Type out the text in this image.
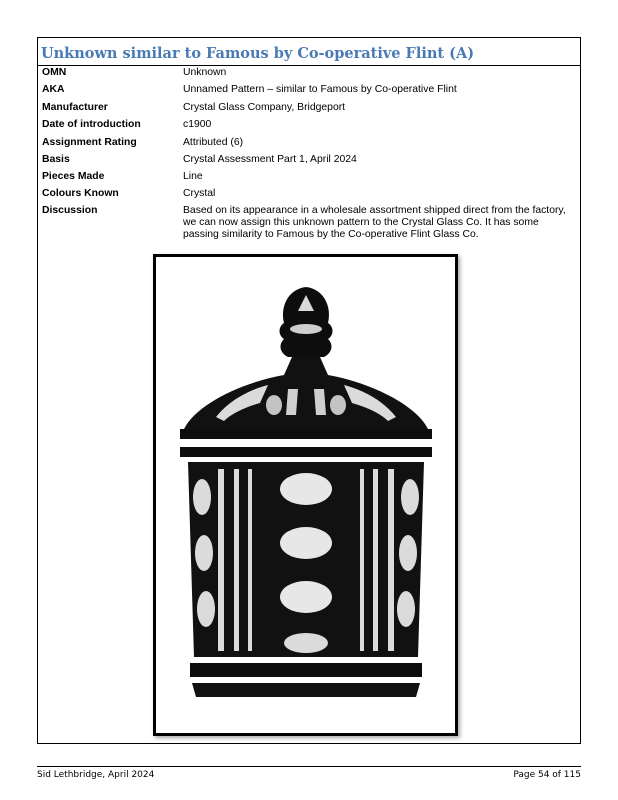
Unknown similar to Famous by Co-operative Flint (A)
OMN	Unknown
AKA	Unnamed Pattern – similar to Famous by Co-operative Flint
Manufacturer	Crystal Glass Company, Bridgeport
Date of introduction	c1900
Assignment Rating	Attributed (6)
Basis	Crystal Assessment Part 1, April 2024
Pieces Made	Line
Colours Known	Crystal
Discussion	Based on its appearance in a wholesale assortment shipped direct from the factory, we can now assign this unknown pattern to the Crystal Glass Co. It has some passing similarity to Famous by the Co-operative Flint Glass Co.
Sid Lethbridge, April 2024	Page 54 of 115
